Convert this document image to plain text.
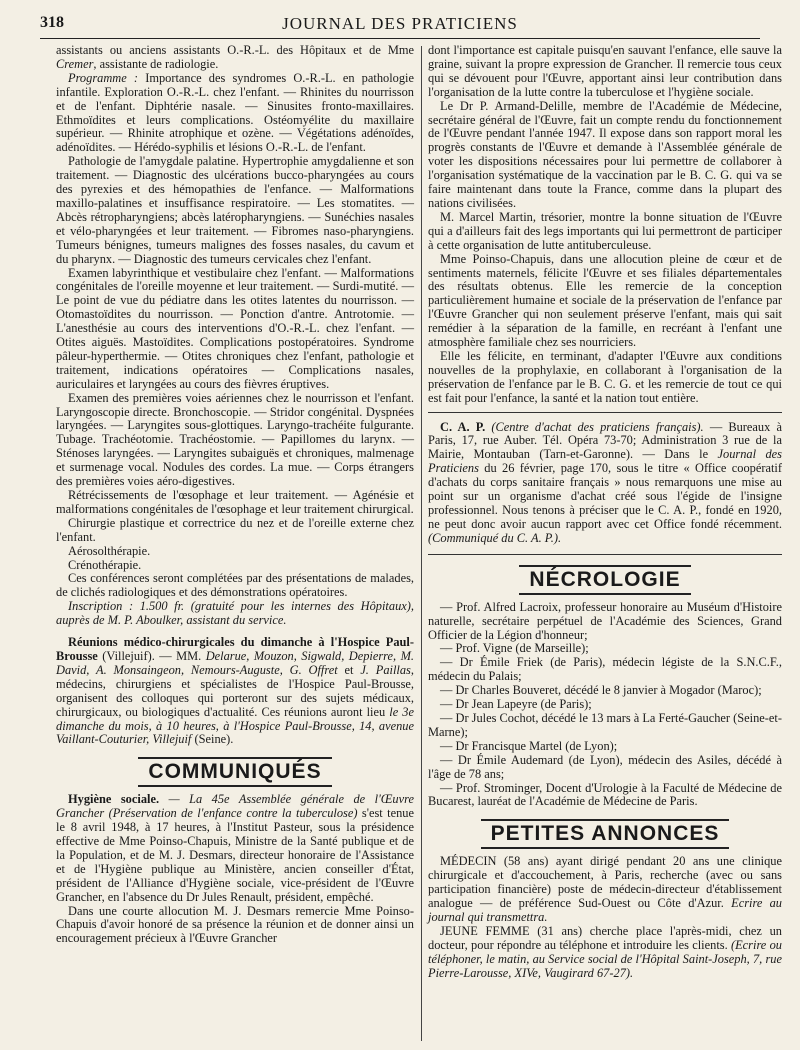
318	JOURNAL DES PRATICIENS

assistants ou anciens assistants O.-R.-L. des Hôpitaux et de Mme Cremer, assistante de radiologie.

Programme : Importance des syndromes O.-R.-L. en pathologie infantile. Exploration O.-R.-L. chez l'enfant. — Rhinites du nourrisson et de l'enfant. Diphtérie nasale. — Sinusites fronto-maxillaires. Ethmoïdites et leurs complications. Ostéomyélite du maxillaire supérieur. — Rhinite atrophique et ozène. — Végétations adénoïdes, adénoïdites. — Hérédo-syphilis et lésions O.-R.-L. de l'enfant.

Pathologie de l'amygdale palatine. Hypertrophie amygdalienne et son traitement. — Diagnostic des ulcérations bucco-pharyngées au cours des pyrexies et des hémopathies de l'enfance. — Malformations maxillo-palatines et insuffisance respiratoire. — Les stomatites. — Abcès rétropharyngiens; abcès latéropharyngiens. — Sunéchies nasales et vélo-pharyngées et leur traitement. — Fibromes naso-pharyngiens. Tumeurs bénignes, tumeurs malignes des fosses nasales, du cavum et du pharynx. — Diagnostic des tumeurs cervicales chez l'enfant.

Examen labyrinthique et vestibulaire chez l'enfant. — Malformations congénitales de l'oreille moyenne et leur traitement. — Surdi-mutité. — Le point de vue du pédiatre dans les otites latentes du nourrisson. — Otomastoïdites du nourrisson. — Ponction d'antre. Antrotomie. — L'anesthésie au cours des interventions d'O.-R.-L. chez l'enfant. — Otites aiguës. Mastoïdites. Complications postopératoires. Syndrome pâleur-hyperthermie. — Otites chroniques chez l'enfant, pathologie et traitement, indications opératoires — Complications nasales, auriculaires et laryngées au cours des fièvres éruptives.

Examen des premières voies aériennes chez le nourrisson et l'enfant. Laryngoscopie directe. Bronchoscopie. — Stridor congénital. Dyspnées laryngées. — Laryngites sous-glottiques. Laryngo-trachéite fulgurante. Tubage. Trachéotomie. Trachéostomie. — Papillomes du larynx. — Sténoses laryngées. — Laryngites subaiguës et chroniques, malmenage et surmenage vocal. Nodules des cordes. La mue. — Corps étrangers des premières voies aéro-digestives.

Rétrécissements de l'œsophage et leur traitement. — Agénésie et malformations congénitales de l'œsophage et leur traitement chirurgical.

Chirurgie plastique et correctrice du nez et de l'oreille externe chez l'enfant.

Aérosolthérapie.

Crénothérapie.

Ces conférences seront complétées par des présentations de malades, de clichés radiologiques et des démonstrations opératoires.

Inscription : 1.500 fr. (gratuité pour les internes des Hôpitaux), auprès de M. P. Aboulker, assistant du service.

Réunions médico-chirurgicales du dimanche à l'Hospice Paul-Brousse (Villejuif). — MM. Delarue, Mouzon, Sigwald, Depierre, M. David, A. Monsaingeon, Nemours-Auguste, G. Offret et J. Paillas, médecins, chirurgiens et spécialistes de l'Hospice Paul-Brousse, organisent des colloques qui porteront sur des sujets médicaux, chirurgicaux, ou biologiques d'actualité. Ces réunions auront lieu le 3e dimanche du mois, à 10 heures, à l'Hospice Paul-Brousse, 14, avenue Vaillant-Couturier, Villejuif (Seine).

COMMUNIQUÉS

Hygiène sociale. — La 45e Assemblée générale de l'Œuvre Grancher (Préservation de l'enfance contre la tuberculose) s'est tenue le 8 avril 1948, à 17 heures, à l'Institut Pasteur, sous la présidence effective de Mme Poinso-Chapuis, Ministre de la Santé publique et de la Population, et de M. J. Desmars, directeur honoraire de l'Assistance et de l'Hygiène publique au Ministère, ancien conseiller d'État, président de l'Alliance d'Hygiène sociale, vice-président de l'Œuvre Grancher, en l'absence du Dr Jules Renault, président, empêché.

Dans une courte allocution M. J. Desmars remercie Mme Poinso-Chapuis d'avoir honoré de sa présence la réunion et de donner ainsi un encouragement précieux à l'Œuvre Grancher

dont l'importance est capitale puisqu'en sauvant l'enfance, elle sauve la graine, suivant la propre expression de Grancher. Il remercie tous ceux qui se dévouent pour l'Œuvre, apportant ainsi leur contribution dans l'organisation de la lutte contre la tuberculose et l'hygiène sociale.

Le Dr P. Armand-Delille, membre de l'Académie de Médecine, secrétaire général de l'Œuvre, fait un compte rendu du fonctionnement de l'Œuvre pendant l'année 1947. Il expose dans son rapport moral les progrès constants de l'Œuvre et demande à l'Assemblée générale de voter les dispositions nécessaires pour lui permettre de collaborer à l'organisation systématique de la vaccination par le B. C. G. qui va se faire maintenant dans toute la France, comme dans la plupart des nations civilisées.

M. Marcel Martin, trésorier, montre la bonne situation de l'Œuvre qui a d'ailleurs fait des legs importants qui lui permettront de participer à cette organisation de lutte antituberculeuse.

Mme Poinso-Chapuis, dans une allocution pleine de cœur et de sentiments maternels, félicite l'Œuvre et ses filiales départementales des résultats obtenus. Elle les remercie de la conception particulièrement humaine et sociale de la préservation de l'enfance par l'Œuvre Grancher qui non seulement préserve l'enfant, mais qui sait remédier à la séparation de la famille, en recréant à l'enfant une atmosphère familiale chez ses nourriciers.

Elle les félicite, en terminant, d'adapter l'Œuvre aux conditions nouvelles de la prophylaxie, en collaborant à l'organisation de la préservation de l'enfance par le B. C. G. et les remercie de tout ce qui est fait pour l'enfance, la santé et la nation tout entière.

C. A. P. (Centre d'achat des praticiens français). — Bureaux à Paris, 17, rue Auber. Tél. Opéra 73-70; Administration 3 rue de la Mairie, Montauban (Tarn-et-Garonne). — Dans le Journal des Praticiens du 26 février, page 170, sous le titre « Office coopératif d'achats du corps sanitaire français » nous remarquons une mise au point sur un organisme d'achat créé sous l'égide de l'insigne professionnel. Nous tenons à préciser que le C. A. P., fondé en 1920, ne peut donc avoir aucun rapport avec cet Office fondé récemment. (Communiqué du C. A. P.).

NÉCROLOGIE

— Prof. Alfred Lacroix, professeur honoraire au Muséum d'Histoire naturelle, secrétaire perpétuel de l'Académie des Sciences, Grand Officier de la Légion d'honneur;

— Prof. Vigne (de Marseille);

— Dr Émile Friek (de Paris), médecin légiste de la S.N.C.F., médecin du Palais;

— Dr Charles Bouveret, décédé le 8 janvier à Mogador (Maroc);

— Dr Jean Lapeyre (de Paris);

— Dr Jules Cochot, décédé le 13 mars à La Ferté-Gaucher (Seine-et-Marne);

— Dr Francisque Martel (de Lyon);

— Dr Émile Audemard (de Lyon), médecin des Asiles, décédé à l'âge de 78 ans;

— Prof. Strominger, Docent d'Urologie à la Faculté de Médecine de Bucarest, lauréat de l'Académie de Médecine de Paris.

PETITES ANNONCES

MÉDECIN (58 ans) ayant dirigé pendant 20 ans une clinique chirurgicale et d'accouchement, à Paris, recherche (avec ou sans participation financière) poste de médecin-directeur d'établissement analogue — de préférence Sud-Ouest ou Côte d'Azur. Ecrire au journal qui transmettra.

JEUNE FEMME (31 ans) cherche place l'après-midi, chez un docteur, pour répondre au téléphone et introduire les clients. (Ecrire ou téléphoner, le matin, au Service social de l'Hôpital Saint-Joseph, 7, rue Pierre-Larousse, XIVe, Vaugirard 67-27).
